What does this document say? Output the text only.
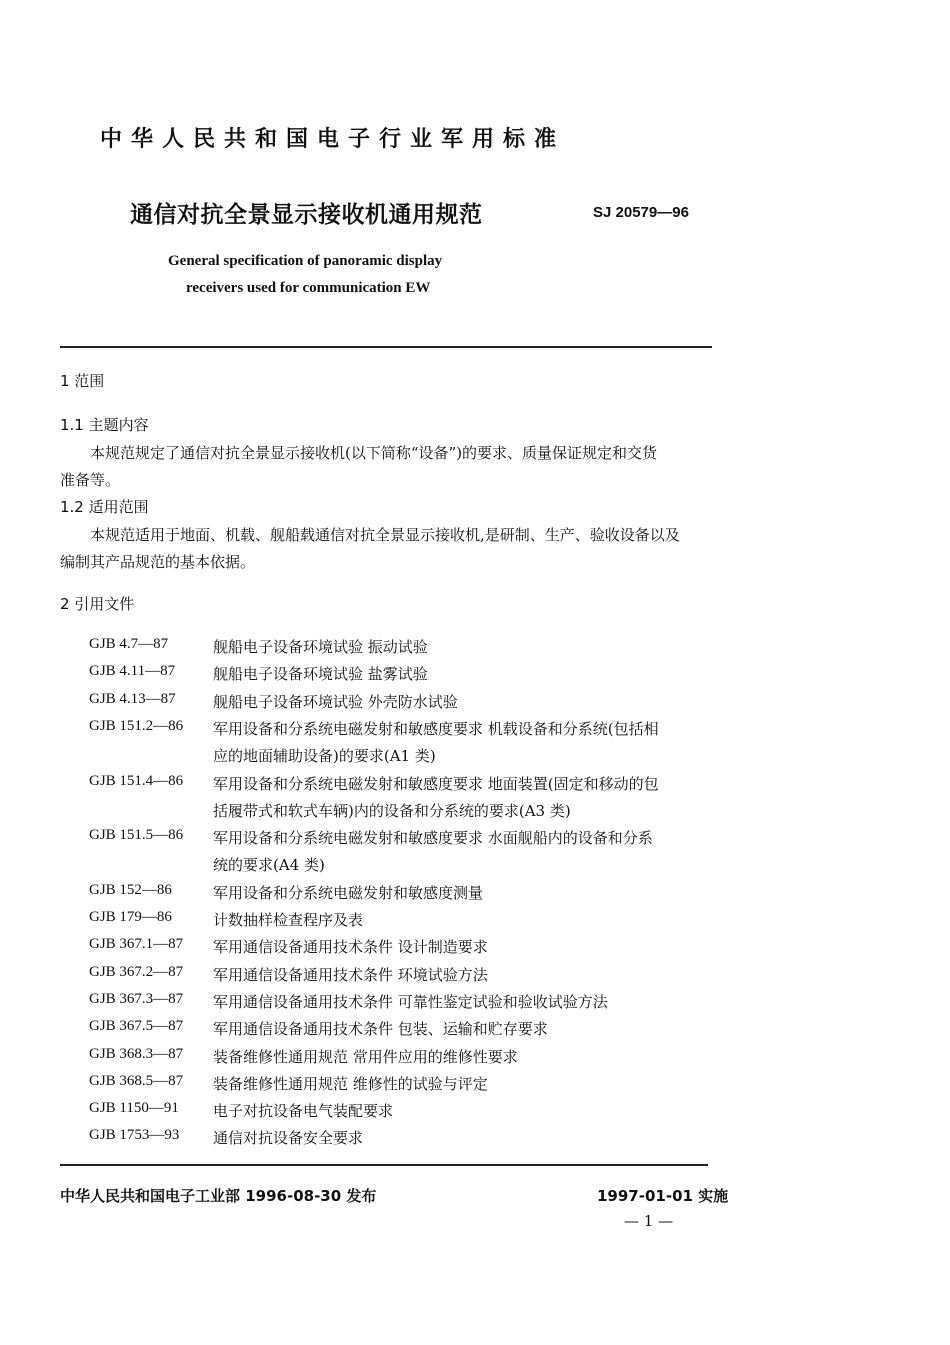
中华人民共和国电子行业军用标准
通信对抗全景显示接收机通用规范	SJ 20579—96
General specification of panoramic display
receivers used for communication EW
1 范围
1.1 主题内容
本规范规定了通信对抗全景显示接收机(以下简称“设备”)的要求、质量保证规定和交货
准备等。
1.2 适用范围
本规范适用于地面、机载、舰船载通信对抗全景显示接收机,是研制、生产、验收设备以及
编制其产品规范的基本依据。
2 引用文件
GJB 4.7—87	舰船电子设备环境试验 振动试验
GJB 4.11—87	舰船电子设备环境试验 盐雾试验
GJB 4.13—87 舰船电子设备环境试验 外壳防水试验
GJB 151.2—86 军用设备和分系统电磁发射和敏感度要求 机载设备和分系统(包括相
应的地面辅助设备)的要求(A1 类)
GJB 151.4—86 军用设备和分系统电磁发射和敏感度要求 地面装置(固定和移动的包
括履带式和软式车辆)内的设备和分系统的要求(A3 类)
GJB 151.5—86 军用设备和分系统电磁发射和敏感度要求 水面舰船内的设备和分系
统的要求(A4 类)
GJB 152—86	军用设备和分系统电磁发射和敏感度测量
GJB 179—86	计数抽样检查程序及表
GJB 367.1—87 军用通信设备通用技术条件 设计制造要求
GJB 367.2—87 军用通信设备通用技术条件 环境试验方法
GJB 367.3—87 军用通信设备通用技术条件 可靠性鉴定试验和验收试验方法
GJB 367.5—87 军用通信设备通用技术条件 包装、运输和贮存要求
GJB 368.3—87 装备维修性通用规范 常用件应用的维修性要求
GJB 368.5—87 装备维修性通用规范 维修性的试验与评定
GJB 1150—91 电子对抗设备电气装配要求
GJB 1753—93 通信对抗设备安全要求
中华人民共和国电子工业部 1996-08-30 发布	1997-01-01 实施
— 1 —
